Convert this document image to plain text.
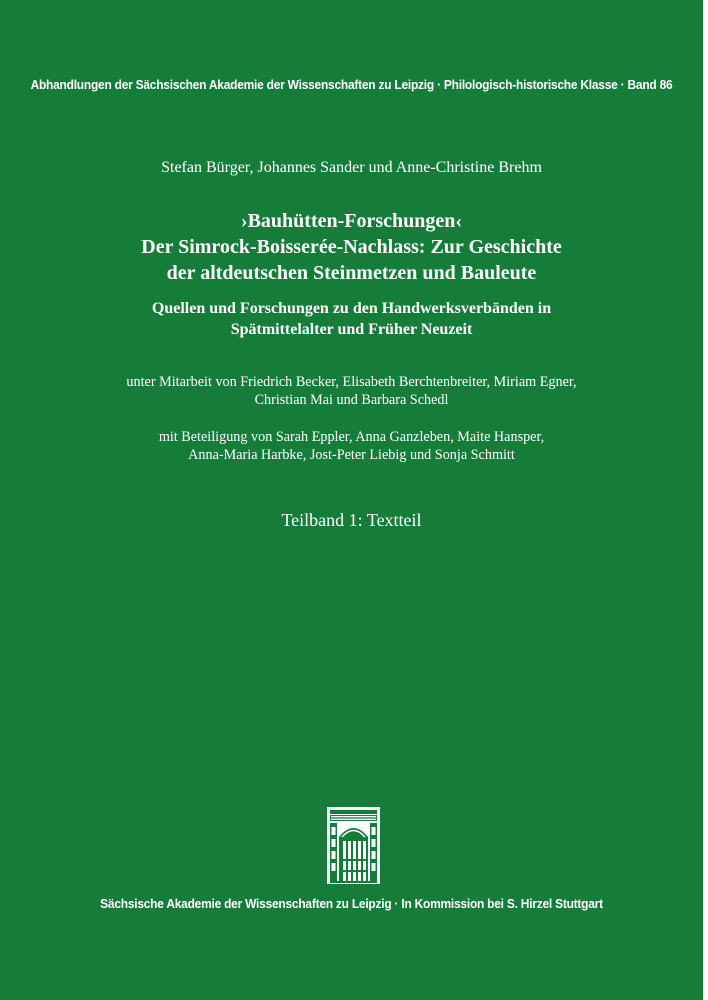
Abhandlungen der Sächsischen Akademie der Wissenschaften zu Leipzig · Philologisch-historische Klasse · Band 86
Stefan Bürger, Johannes Sander und Anne-Christine Brehm
›Bauhütten-Forschungen‹
Der Simrock-Boisserée-Nachlass: Zur Geschichte
der altdeutschen Steinmetzen und Bauleute
Quellen und Forschungen zu den Handwerksverbänden in
Spätmittelalter und Früher Neuzeit
unter Mitarbeit von Friedrich Becker, Elisabeth Berchtenbreiter, Miriam Egner,
Christian Mai und Barbara Schedl
mit Beteiligung von Sarah Eppler, Anna Ganzleben, Maite Hansper,
Anna-Maria Harbke, Jost-Peter Liebig und Sonja Schmitt
Teilband 1: Textteil
Sächsische Akademie der Wissenschaften zu Leipzig · In Kommission bei S. Hirzel Stuttgart
